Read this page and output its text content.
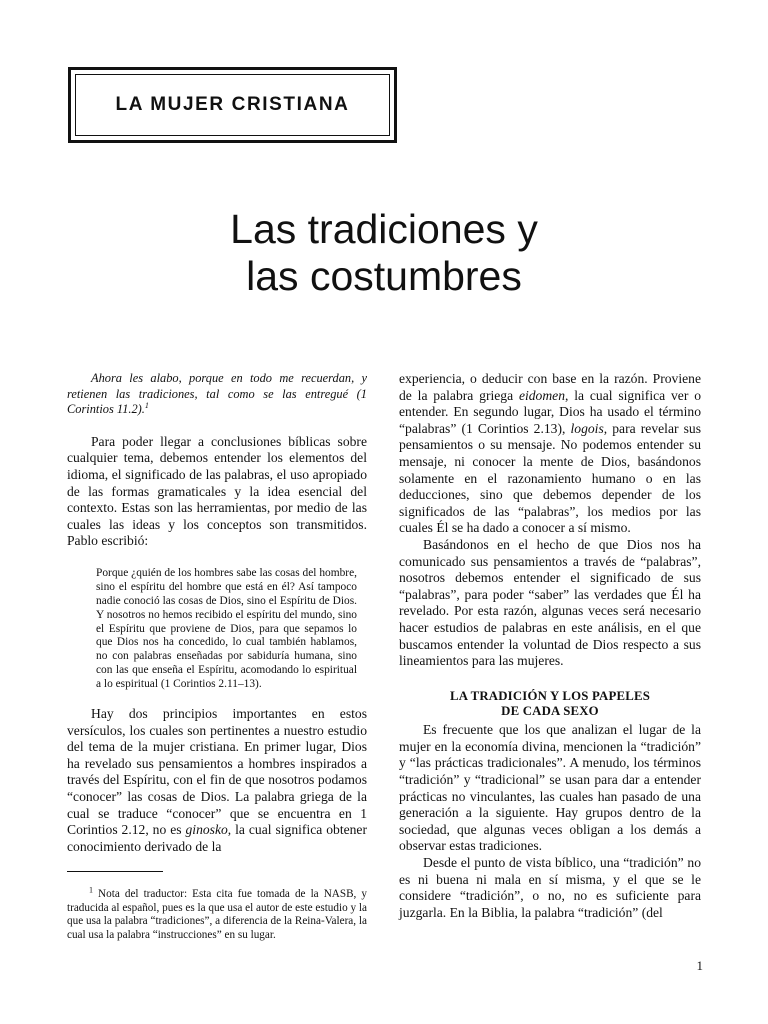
LA MUJER CRISTIANA
Las tradiciones y
las costumbres

Ahora les alabo, porque en todo me recuerdan, y retienen las tradiciones, tal como se las entregué (1 Corintios 11.2).$^1$

Para poder llegar a conclusiones bíblicas sobre cualquier tema, debemos entender los elementos del idioma, el significado de las palabras, el uso apropiado de las formas gramaticales y la idea esencial del contexto. Estas son las herramientas, por medio de las cuales las ideas y los conceptos son transmitidos. Pablo escribió:

Porque ¿quién de los hombres sabe las cosas del hombre, sino el espíritu del hombre que está en él? Así tampoco nadie conoció las cosas de Dios, sino el Espíritu de Dios. Y nosotros no hemos recibido el espíritu del mundo, sino el Espíritu que proviene de Dios, para que sepamos lo que Dios nos ha concedido, lo cual también hablamos, no con palabras enseñadas por sabiduría humana, sino con las que enseña el Espíritu, acomodando lo espiritual a lo espiritual (1 Corintios 2.11–13).

Hay dos principios importantes en estos versículos, los cuales son pertinentes a nuestro estudio del tema de la mujer cristiana. En primer lugar, Dios ha revelado sus pensamientos a hombres inspirados a través del Espíritu, con el fin de que nosotros podamos “conocer” las cosas de Dios. La palabra griega de la cual se traduce “conocer” que se encuentra en 1 Corintios 2.12, no es ginosko, la cual significa obtener conocimiento derivado de la

$^1$ Nota del traductor: Esta cita fue tomada de la NASB, y traducida al español, pues es la que usa el autor de este estudio y la que usa la palabra “tradiciones”, a diferencia de la Reina-Valera, la cual usa la palabra “instrucciones” en su lugar.

experiencia, o deducir con base en la razón. Proviene de la palabra griega eidomen, la cual significa ver o entender. En segundo lugar, Dios ha usado el término “palabras” (1 Corintios 2.13), logois, para revelar sus pensamientos o su mensaje. No podemos entender su mensaje, ni conocer la mente de Dios, basándonos solamente en el razonamiento humano o en las deducciones, sino que debemos depender de los significados de las “palabras”, los medios por las cuales Él se ha dado a conocer a sí mismo.

Basándonos en el hecho de que Dios nos ha comunicado sus pensamientos a través de “palabras”, nosotros debemos entender el significado de sus “palabras”, para poder “saber” las verdades que Él ha revelado. Por esta razón, algunas veces será necesario hacer estudios de palabras en este análisis, en el que buscamos entender la voluntad de Dios respecto a sus lineamientos para las mujeres.

LA TRADICIÓN Y LOS PAPELES
DE CADA SEXO

Es frecuente que los que analizan el lugar de la mujer en la economía divina, mencionen la “tradición” y “las prácticas tradicionales”. A menudo, los términos “tradición” y “tradicional” se usan para dar a entender prácticas no vinculantes, las cuales han pasado de una generación a la siguiente. Hay grupos dentro de la sociedad, que algunas veces obligan a los demás a observar estas tradiciones.

Desde el punto de vista bíblico, una “tradición” no es ni buena ni mala en sí misma, y el que se le considere “tradición”, o no, no es suficiente para juzgarla. En la Biblia, la palabra “tradición” (del

1
